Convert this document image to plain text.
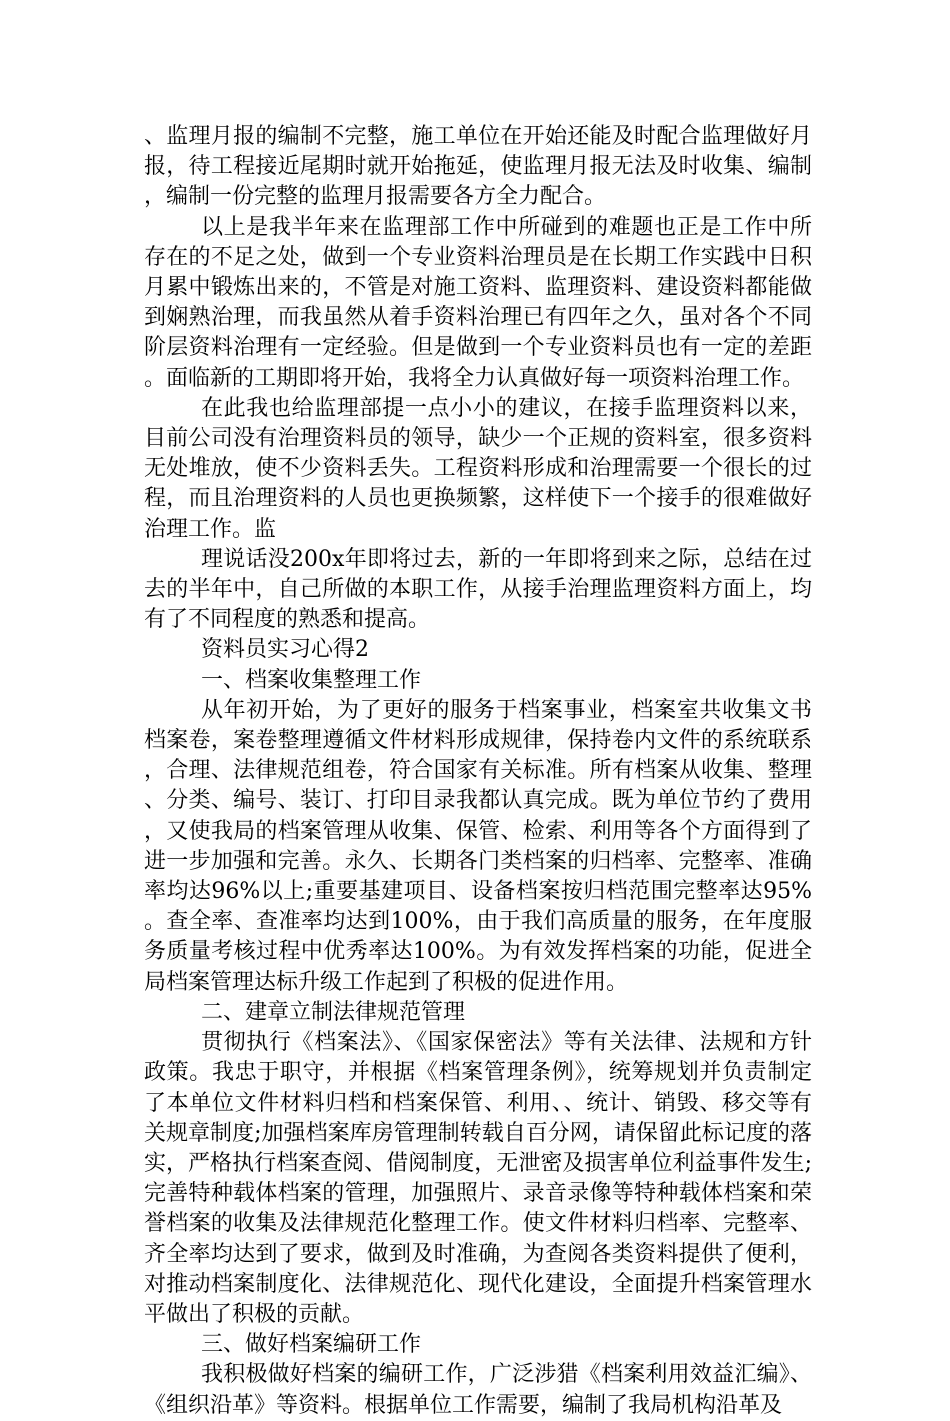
、监理月报的编制不完整，施工单位在开始还能及时配合监理做好月报，待工程接近尾期时就开始拖延，使监理月报无法及时收集、编制，编制一份完整的监理月报需要各方全力配合。

以上是我半年来在监理部工作中所碰到的难题也正是工作中所存在的不足之处，做到一个专业资料治理员是在长期工作实践中日积月累中锻炼出来的，不管是对施工资料、监理资料、建设资料都能做到娴熟治理，而我虽然从着手资料治理已有四年之久，虽对各个不同阶层资料治理有一定经验。但是做到一个专业资料员也有一定的差距。面临新的工期即将开始，我将全力认真做好每一项资料治理工作。

在此我也给监理部提一点小小的建议，在接手监理资料以来，目前公司没有治理资料员的领导，缺少一个正规的资料室，很多资料无处堆放，使不少资料丢失。工程资料形成和治理需要一个很长的过程，而且治理资料的人员也更换频繁，这样使下一个接手的很难做好治理工作。监

理说话没200x年即将过去，新的一年即将到来之际，总结在过去的半年中，自己所做的本职工作，从接手治理监理资料方面上，均有了不同程度的熟悉和提高。

资料员实习心得2

一、档案收集整理工作

从年初开始，为了更好的服务于档案事业，档案室共收集文书档案卷，案卷整理遵循文件材料形成规律，保持卷内文件的系统联系，合理、法律规范组卷，符合国家有关标准。所有档案从收集、整理、分类、编号、装订、打印目录我都认真完成。既为单位节约了费用，又使我局的档案管理从收集、保管、检索、利用等各个方面得到了进一步加强和完善。永久、长期各门类档案的归档率、完整率、准确率均达96%以上;重要基建项目、设备档案按归档范围完整率达95%。查全率、查准率均达到100%，由于我们高质量的服务，在年度服务质量考核过程中优秀率达100%。为有效发挥档案的功能，促进全局档案管理达标升级工作起到了积极的促进作用。

二、建章立制法律规范管理

贯彻执行《档案法》、《国家保密法》等有关法律、法规和方针政策。我忠于职守，并根据《档案管理条例》，统筹规划并负责制定了本单位文件材料归档和档案保管、利用、、统计、销毁、移交等有关规章制度;加强档案库房管理制转载自百分网，请保留此标记度的落实，严格执行档案查阅、借阅制度，无泄密及损害单位利益事件发生;完善特种载体档案的管理，加强照片、录音录像等特种载体档案和荣誉档案的收集及法律规范化整理工作。使文件材料归档率、完整率、齐全率均达到了要求，做到及时准确，为查阅各类资料提供了便利，对推动档案制度化、法律规范化、现代化建设，全面提升档案管理水平做出了积极的贡献。

三、做好档案编研工作

我积极做好档案的编研工作，广泛涉猎《档案利用效益汇编》、《组织沿革》等资料。根据单位工作需要，编制了我局机构沿革及
